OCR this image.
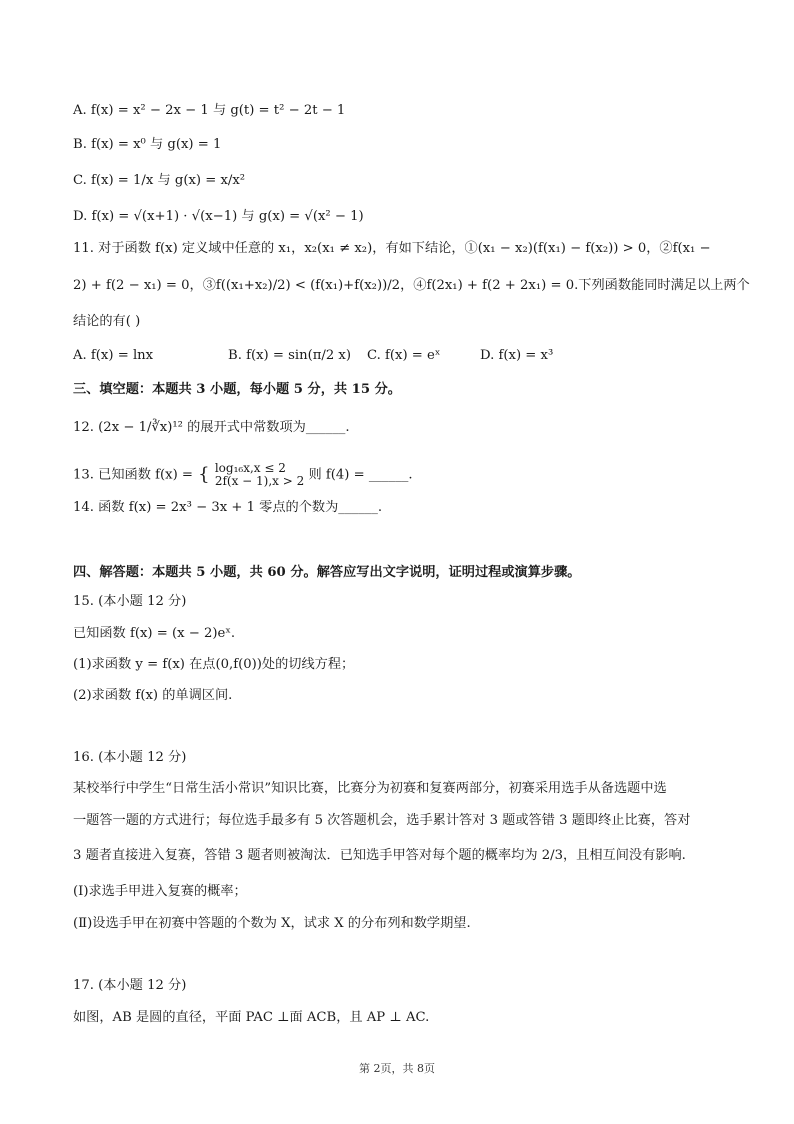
A. f(x) = x² − 2x − 1 与 g(t) = t² − 2t − 1
B. f(x) = x⁰ 与 g(x) = 1
C. f(x) = 1/x 与 g(x) = x/x²
D. f(x) = √(x+1) · √(x−1) 与 g(x) = √(x² − 1)
11. 对于函数 f(x) 定义域中任意的 x₁，x₂(x₁ ≠ x₂)，有如下结论，①(x₁ − x₂)(f(x₁) − f(x₂)) > 0，②f(x₁ −
2) + f(2 − x₁) = 0，③f((x₁+x₂)/2) < (f(x₁)+f(x₂))/2，④f(2x₁) + f(2 + 2x₁) = 0.下列函数能同时满足以上两个
结论的有( )
A. f(x) = lnx	B. f(x) = sin(π/2 x) C. f(x) = eˣ	D. f(x) = x³
三、填空题：本题共 3 小题，每小题 5 分，共 15 分。
12. (2x − 1/∛x)¹² 的展开式中常数项为______.
13. 已知函数 f(x) = { log₁₆x,x ≤ 2
2f(x − 1),x > 2 则 f(4) = ______.
14. 函数 f(x) = 2x³ − 3x + 1 零点的个数为______.
四、解答题：本题共 5 小题，共 60 分。解答应写出文字说明，证明过程或演算步骤。
15. (本小题 12 分)
已知函数 f(x) = (x − 2)eˣ.
(1)求函数 y = f(x) 在点(0,f(0))处的切线方程；
(2)求函数 f(x) 的单调区间.
16. (本小题 12 分)
某校举行中学生“日常生活小常识”知识比赛，比赛分为初赛和复赛两部分，初赛采用选手从备选题中选
一题答一题的方式进行；每位选手最多有 5 次答题机会，选手累计答对 3 题或答错 3 题即终止比赛，答对
3 题者直接进入复赛，答错 3 题者则被淘汰．已知选手甲答对每个题的概率均为 2/3，且相互间没有影响.
(Ⅰ)求选手甲进入复赛的概率；
(Ⅱ)设选手甲在初赛中答题的个数为 X，试求 X 的分布列和数学期望.
17. (本小题 12 分)
如图，AB 是圆的直径，平面 PAC ⊥面 ACB，且 AP ⊥ AC.
第 2页，共 8页
